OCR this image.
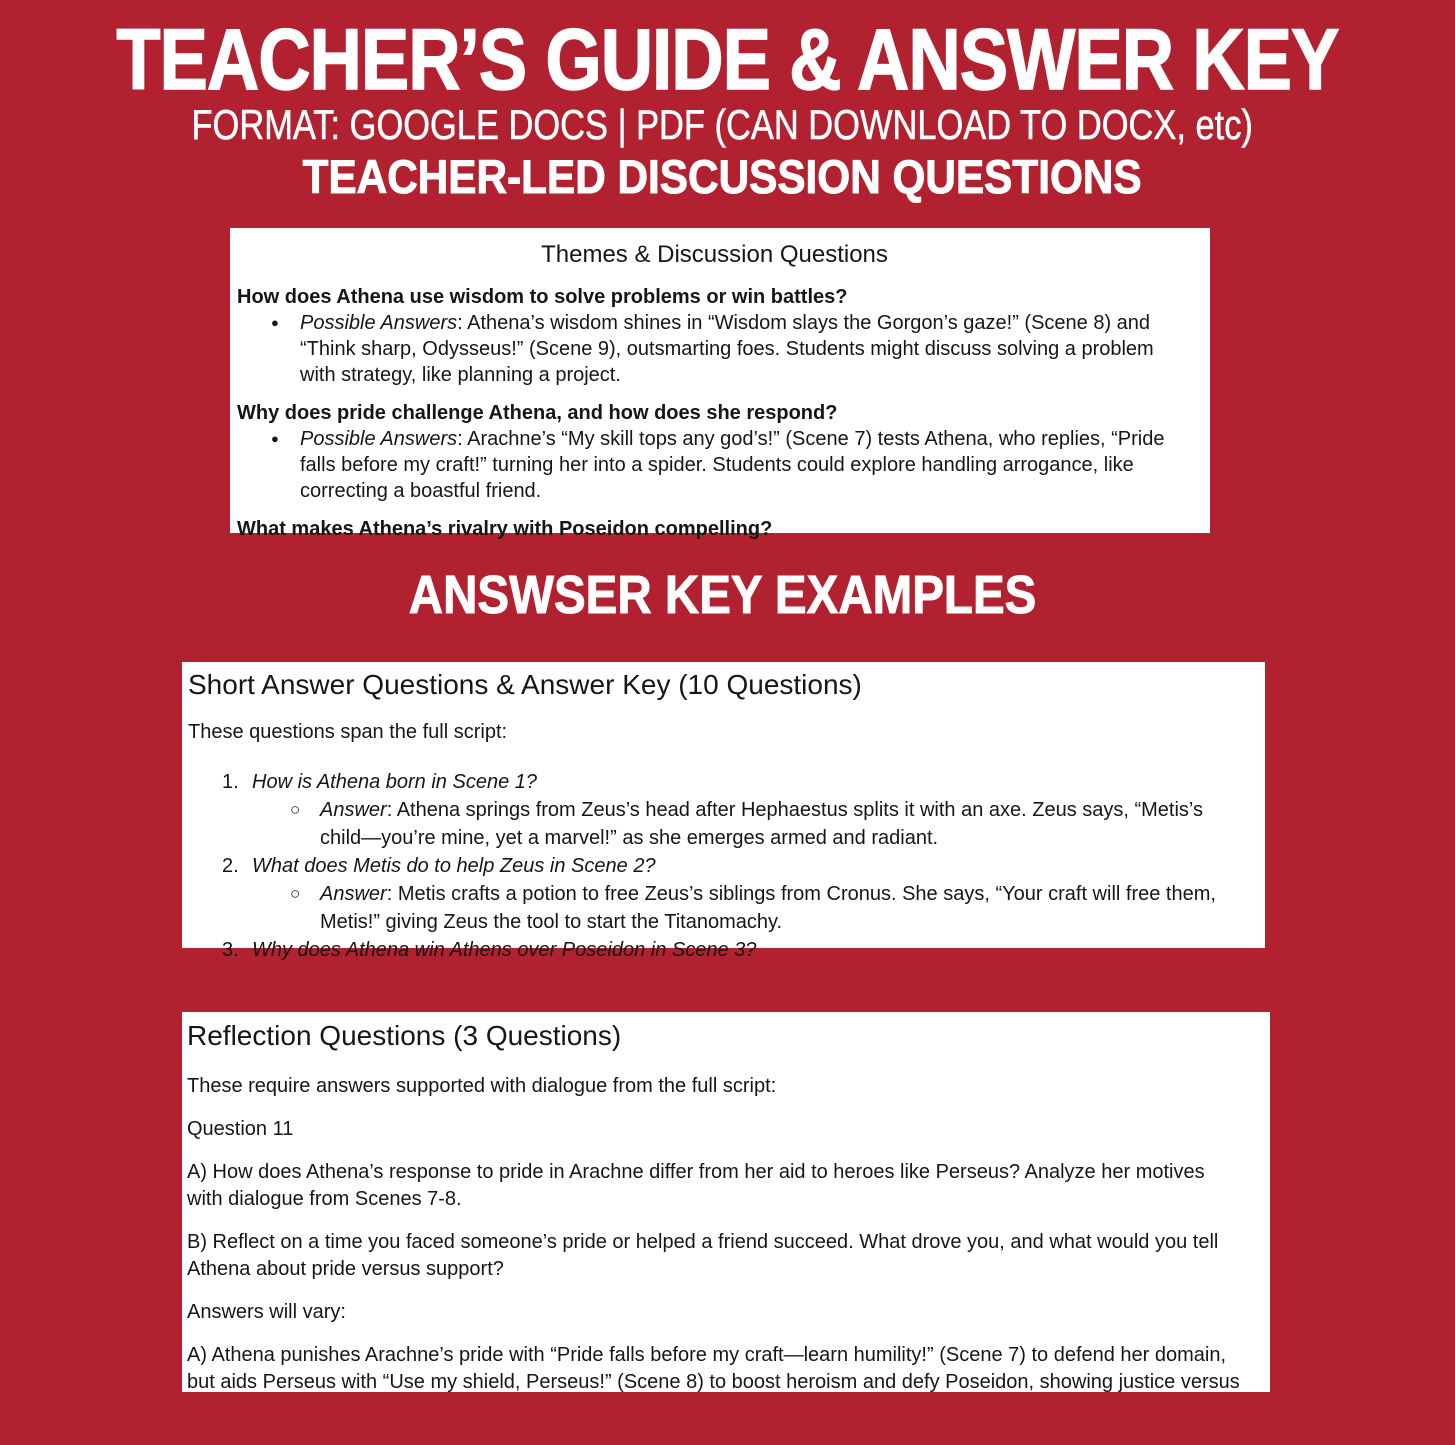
TEACHER’S GUIDE & ANSWER KEY
FORMAT: GOOGLE DOCS | PDF (CAN DOWNLOAD TO DOCX, etc)
TEACHER-LED DISCUSSION QUESTIONS
Themes & Discussion Questions
How does Athena use wisdom to solve problems or win battles?
● Possible Answers: Athena’s wisdom shines in “Wisdom slays the Gorgon’s gaze!” (Scene 8) and “Think sharp, Odysseus!” (Scene 9), outsmarting foes. Students might discuss solving a problem with strategy, like planning a project.
Why does pride challenge Athena, and how does she respond?
● Possible Answers: Arachne’s “My skill tops any god’s!” (Scene 7) tests Athena, who replies, “Pride falls before my craft!” turning her into a spider. Students could explore handling arrogance, like correcting a boastful friend.
What makes Athena’s rivalry with Poseidon compelling?
ANSWSER KEY EXAMPLES
Short Answer Questions & Answer Key (10 Questions)
These questions span the full script:
1. How is Athena born in Scene 1?
○ Answer: Athena springs from Zeus’s head after Hephaestus splits it with an axe. Zeus says, “Metis’s child—you’re mine, yet a marvel!” as she emerges armed and radiant.
2. What does Metis do to help Zeus in Scene 2?
○ Answer: Metis crafts a potion to free Zeus’s siblings from Cronus. She says, “Your craft will free them, Metis!” giving Zeus the tool to start the Titanomachy.
3. Why does Athena win Athens over Poseidon in Scene 3?
Reflection Questions (3 Questions)

These require answers supported with dialogue from the full script:

Question 11

A) How does Athena’s response to pride in Arachne differ from her aid to heroes like Perseus? Analyze her motives with dialogue from Scenes 7-8.

B) Reflect on a time you faced someone’s pride or helped a friend succeed. What drove you, and what would you tell Athena about pride versus support?

Answers will vary:

A) Athena punishes Arachne’s pride with “Pride falls before my craft—learn humility!” (Scene 7) to defend her domain, but aids Perseus with “Use my shield, Perseus!” (Scene 8) to boost heroism and defy Poseidon, showing justice versus
